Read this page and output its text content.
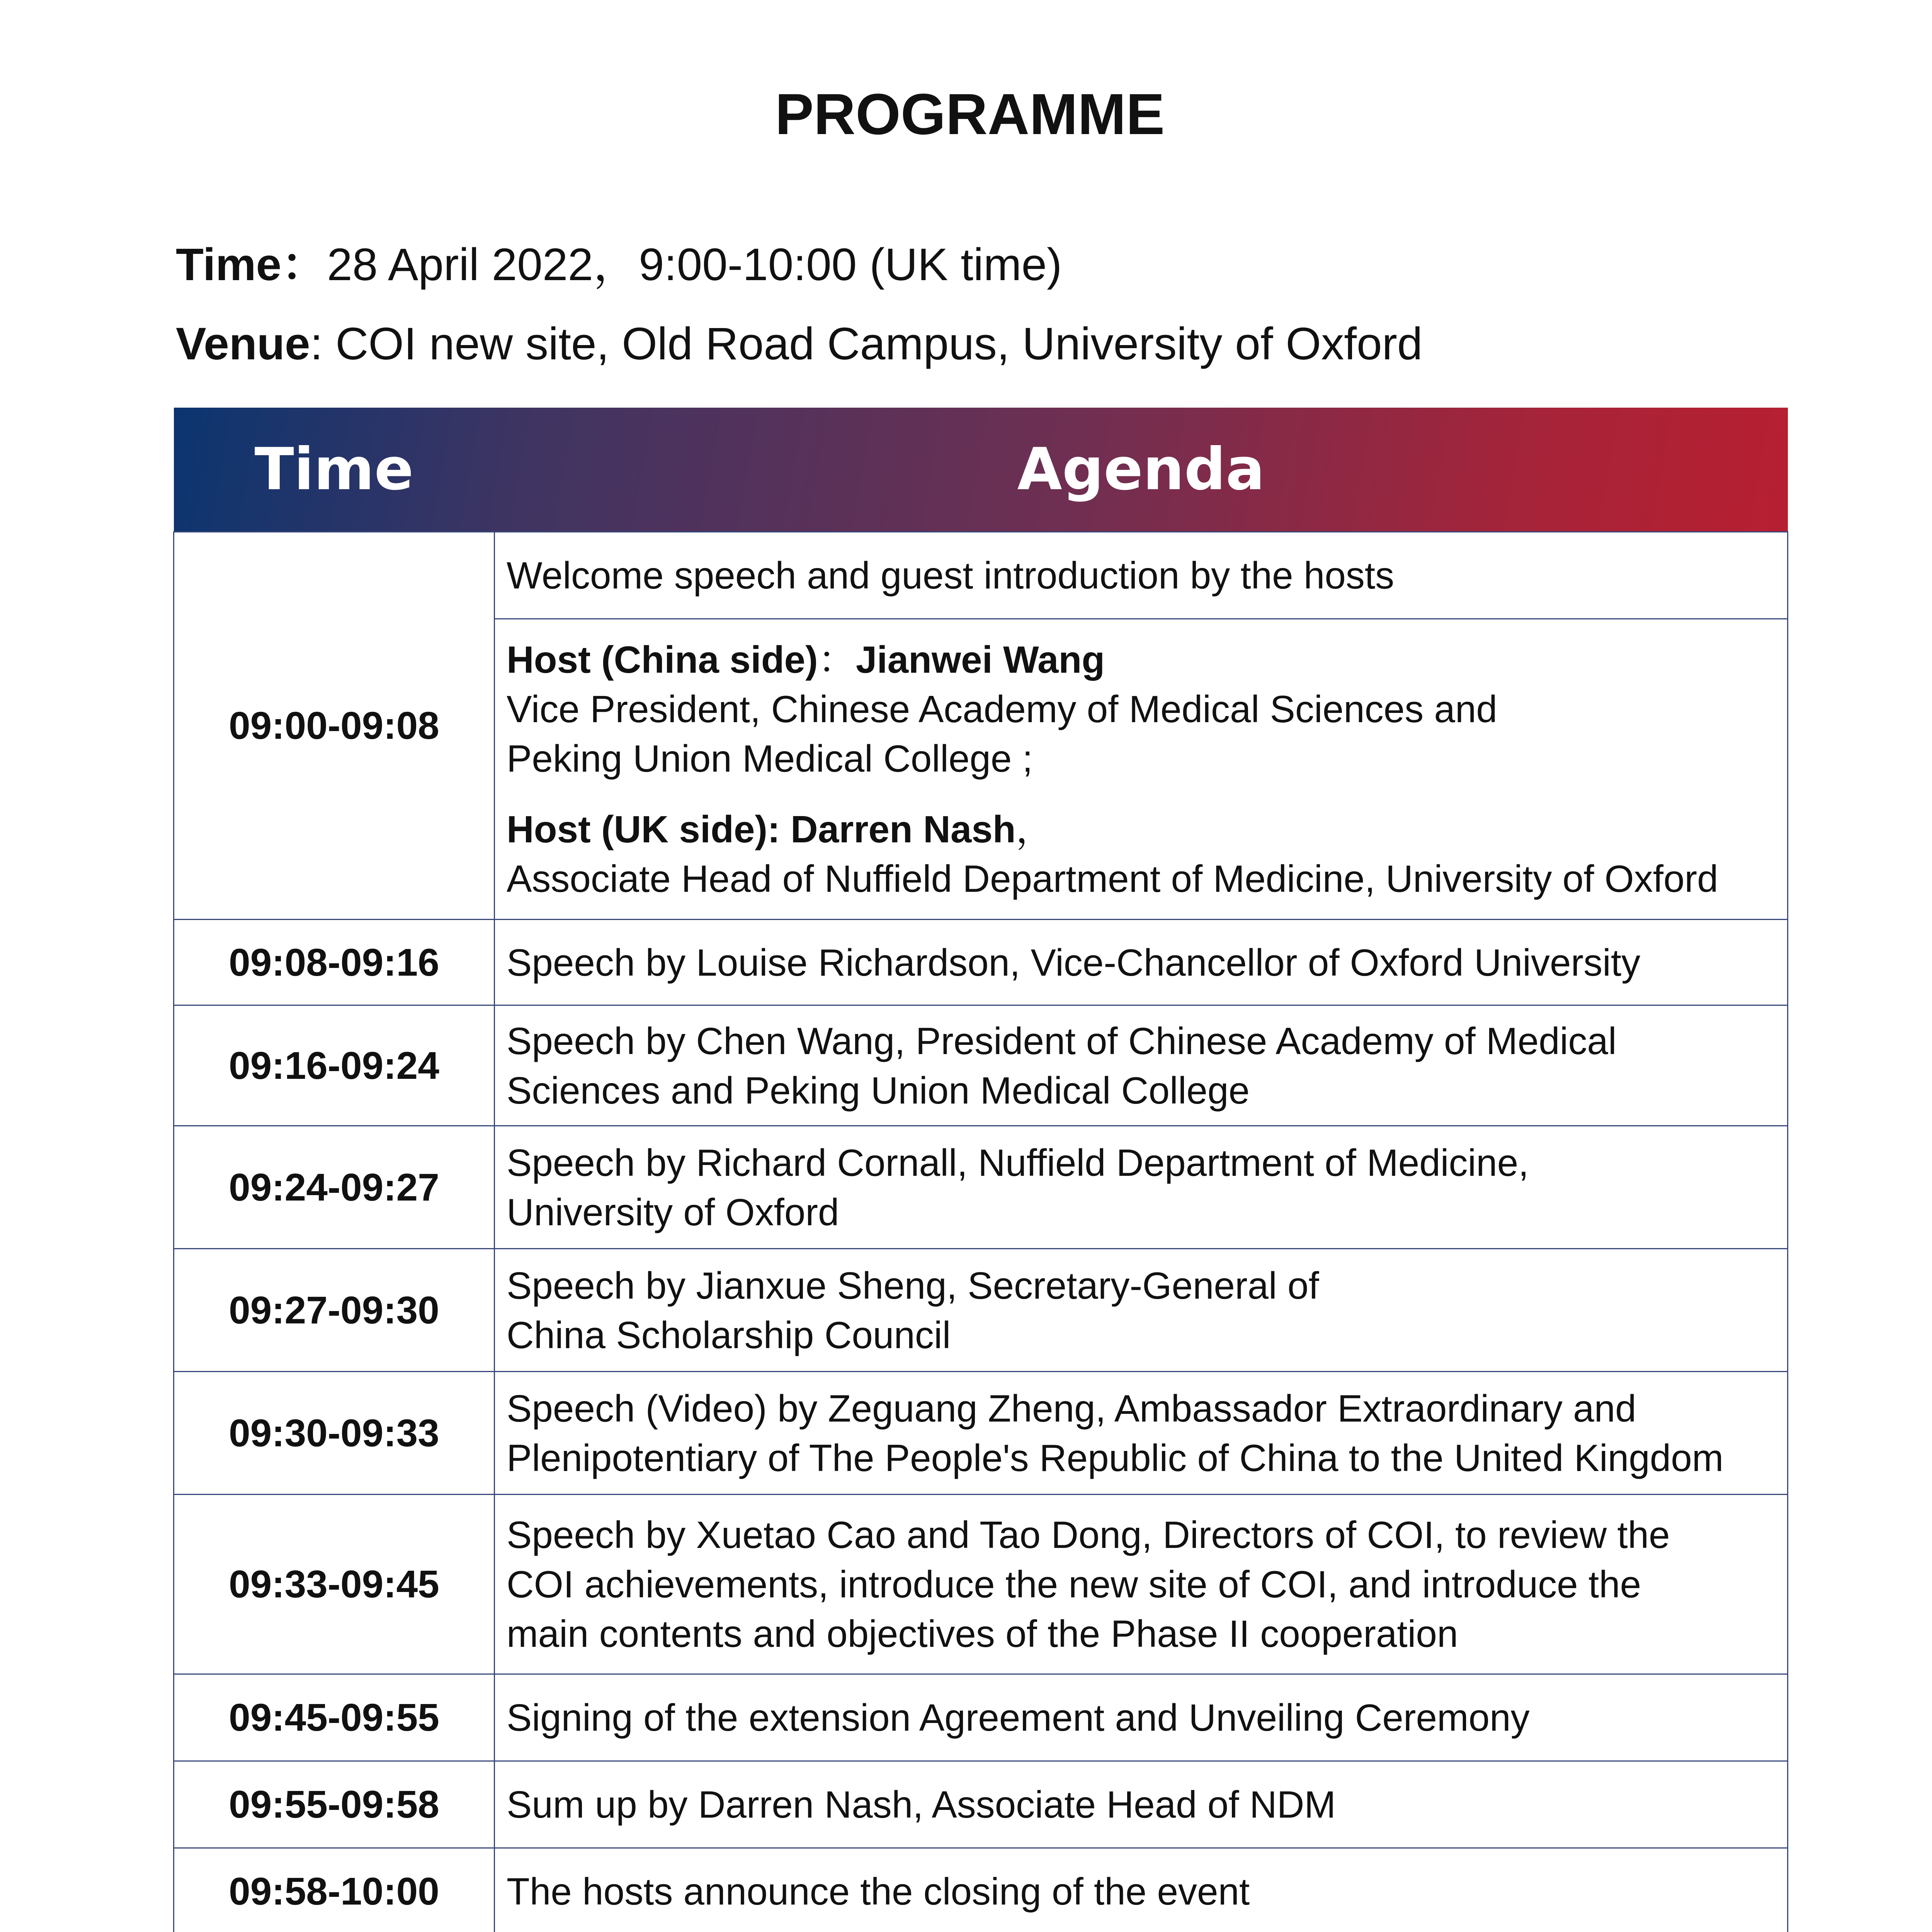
PROGRAMME
Time：28 April 2022，9:00-10:00 (UK time)
Venue: COI new site, Old Road Campus, University of Oxford
Time	Agenda
09:00-09:08	Welcome speech and guest introduction by the hosts

	Host (China side)：Jianwei Wang
Vice President, Chinese Academy of Medical Sciences and
Peking Union Medical College ;
Host (UK side): Darren Nash，
Associate Head of Nuffield Department of Medicine, University of Oxford

09:08-09:16	Speech by Louise Richardson, Vice-Chancellor of Oxford University

09:16-09:24	Speech by Chen Wang, President of Chinese Academy of Medical
Sciences and Peking Union Medical College

09:24-09:27	Speech by Richard Cornall, Nuffield Department of Medicine,
University of Oxford

09:27-09:30	Speech by Jianxue Sheng, Secretary-General of
China Scholarship Council

09:30-09:33	Speech (Video) by Zeguang Zheng, Ambassador Extraordinary and
Plenipotentiary of The People's Republic of China to the United Kingdom

09:33-09:45	Speech by Xuetao Cao and Tao Dong, Directors of COI, to review the
COI achievements, introduce the new site of COI, and introduce the
main contents and objectives of the Phase II cooperation

09:45-09:55	Signing of the extension Agreement and Unveiling Ceremony

09:55-09:58	Sum up by Darren Nash, Associate Head of NDM

09:58-10:00	The hosts announce the closing of the event
